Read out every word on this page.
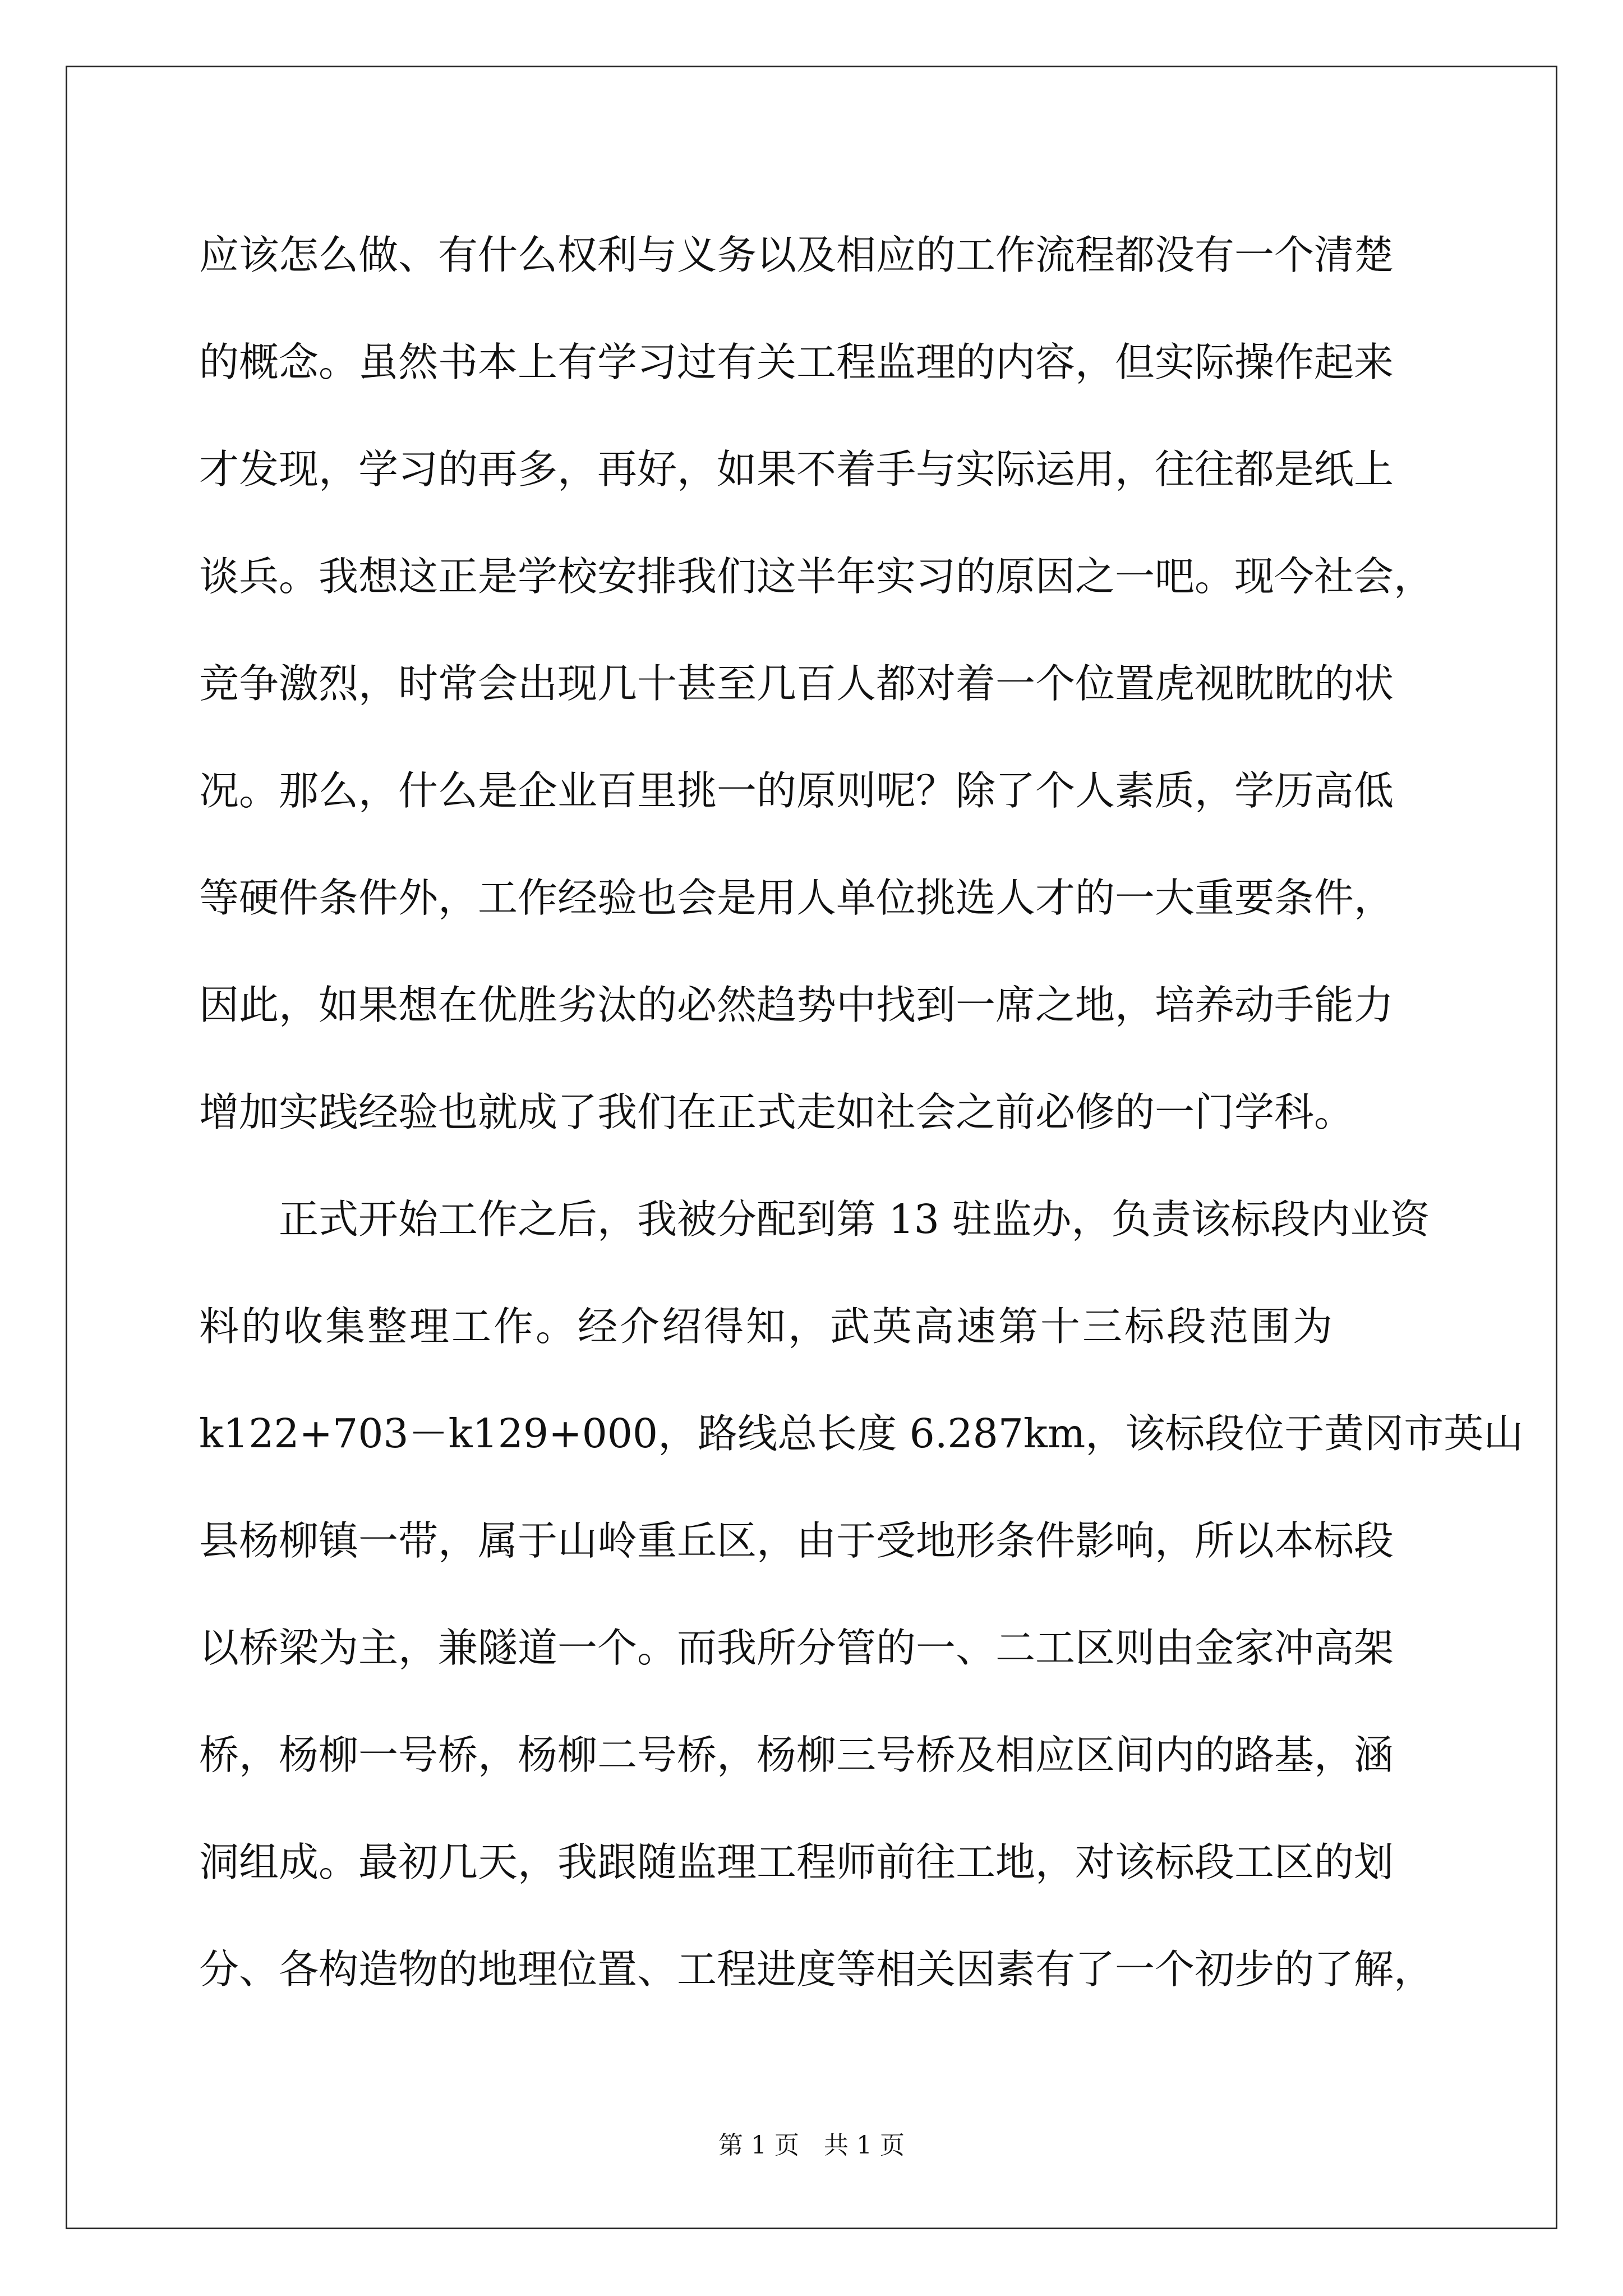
应该怎么做、有什么权利与义务以及相应的工作流程都没有一个清楚
的概念。虽然书本上有学习过有关工程监理的内容，但实际操作起来
才发现，学习的再多，再好，如果不着手与实际运用，往往都是纸上
谈兵。我想这正是学校安排我们这半年实习的原因之一吧。现今社会，
竞争激烈，时常会出现几十甚至几百人都对着一个位置虎视眈眈的状
况。那么，什么是企业百里挑一的原则呢？除了个人素质，学历高低
等硬件条件外，工作经验也会是用人单位挑选人才的一大重要条件，
因此，如果想在优胜劣汰的必然趋势中找到一席之地，培养动手能力
增加实践经验也就成了我们在正式走如社会之前必修的一门学科。
　　正式开始工作之后，我被分配到第 13 驻监办，负责该标段内业资
料的收集整理工作。经介绍得知，武英高速第十三标段范围为
k122+703－k129+000，路线总长度 6.287km，该标段位于黄冈市英山
县杨柳镇一带，属于山岭重丘区，由于受地形条件影响，所以本标段
以桥梁为主，兼隧道一个。而我所分管的一、二工区则由金家冲高架
桥，杨柳一号桥，杨柳二号桥，杨柳三号桥及相应区间内的路基，涵
洞组成。最初几天，我跟随监理工程师前往工地，对该标段工区的划
分、各构造物的地理位置、工程进度等相关因素有了一个初步的了解，
第 1 页　共 1 页
